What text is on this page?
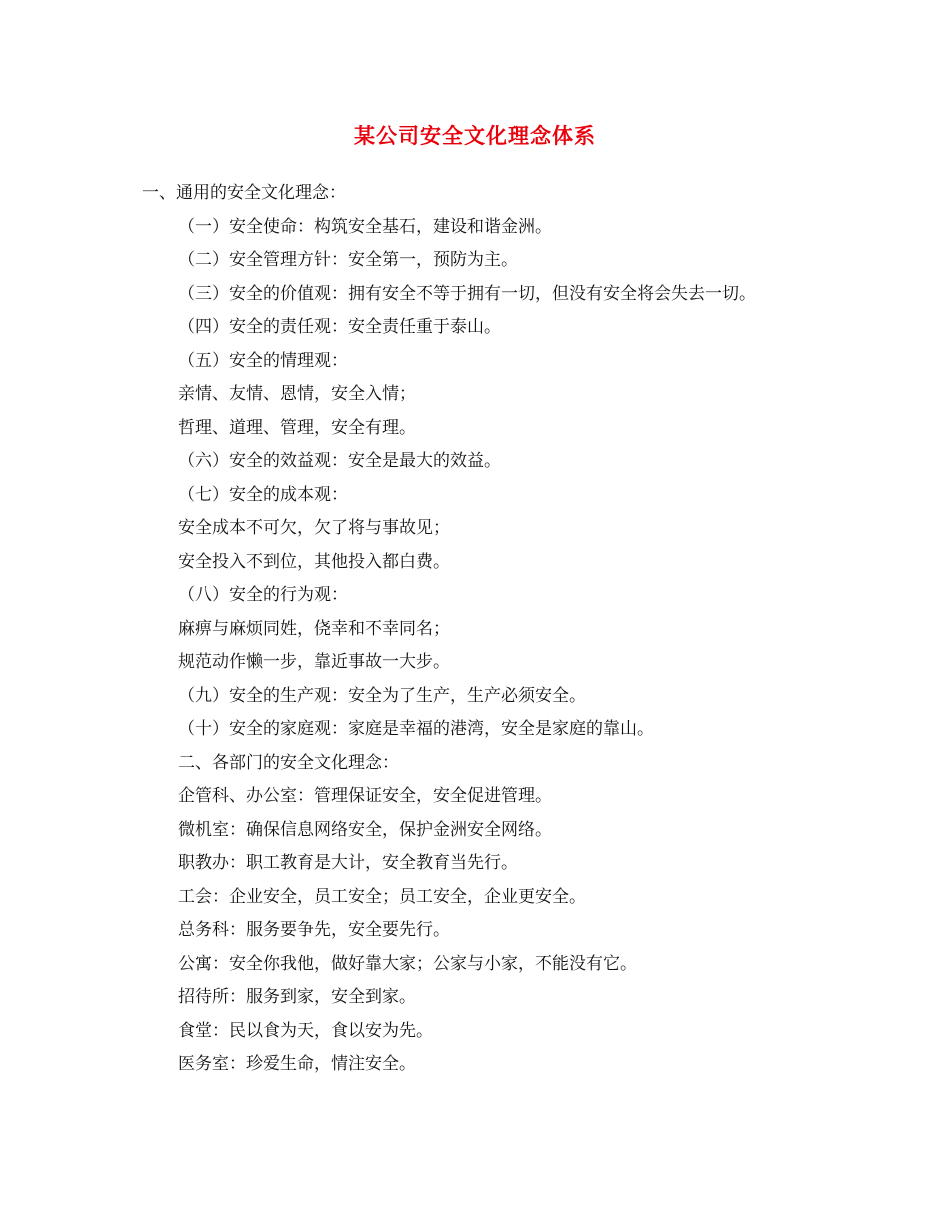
某公司安全文化理念体系
一、通用的安全文化理念：
（一）安全使命：构筑安全基石，建设和谐金洲。
（二）安全管理方针：安全第一，预防为主。
（三）安全的价值观：拥有安全不等于拥有一切，但没有安全将会失去一切。
（四）安全的责任观：安全责任重于泰山。
（五）安全的情理观：
亲情、友情、恩情，安全入情；
哲理、道理、管理，安全有理。
（六）安全的效益观：安全是最大的效益。
（七）安全的成本观：
安全成本不可欠，欠了将与事故见；
安全投入不到位，其他投入都白费。
（八）安全的行为观：
麻痹与麻烦同姓，侥幸和不幸同名；
规范动作懒一步，靠近事故一大步。
（九）安全的生产观：安全为了生产，生产必须安全。
（十）安全的家庭观：家庭是幸福的港湾，安全是家庭的靠山。
二、各部门的安全文化理念：
企管科、办公室：管理保证安全，安全促进管理。
微机室：确保信息网络安全，保护金洲安全网络。
职教办：职工教育是大计，安全教育当先行。
工会：企业安全，员工安全；员工安全，企业更安全。
总务科：服务要争先，安全要先行。
公寓：安全你我他，做好靠大家；公家与小家，不能没有它。
招待所：服务到家，安全到家。
食堂：民以食为天，食以安为先。
医务室：珍爱生命，情注安全。
